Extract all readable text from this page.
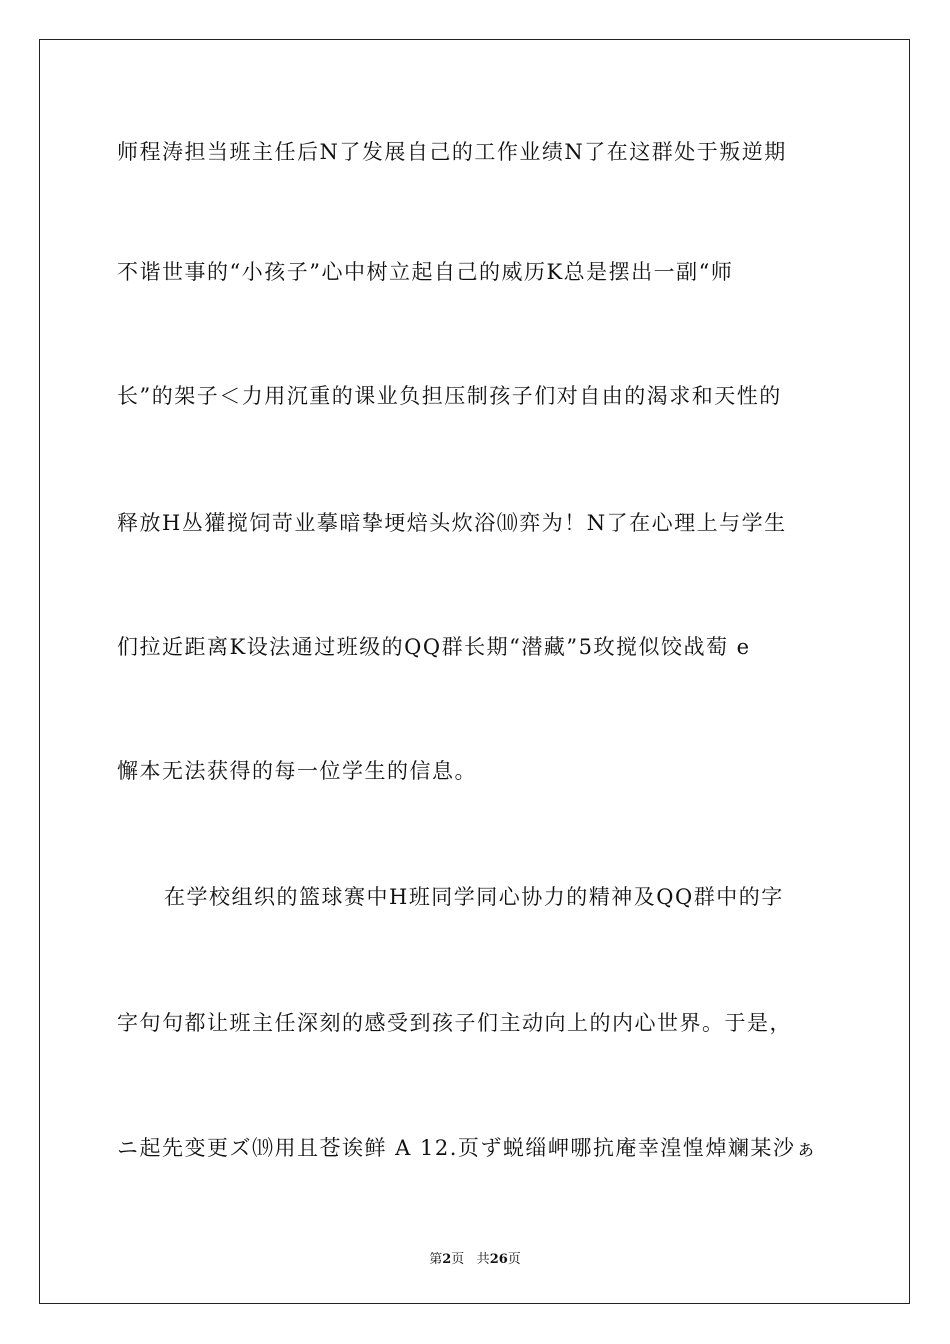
师程涛担当班主任后N了发展自己的工作业绩N了在这群处于叛逆期
不谐世事的“小孩子”心中树立起自己的威历K总是摆出一副“师
长”的架子＜力用沉重的课业负担压制孩子们对自由的渴求和天性的
释放H丛獾搅饲苛业摹暗挚埂焙头炊浴⑽弈为！N了在心理上与学生
们拉近距离K设法通过班级的QQ群长期“潜藏”5玫搅似饺战萄 e
懈本无法获得的每一位学生的信息。
在学校组织的篮球赛中H班同学同心协力的精神及QQ群中的字
字句句都让班主任深刻的感受到孩子们主动向上的内心世界。于是，
ニ起先变更ズ⒆用且苍诶鲜 A 12.页ず蜕缁岬哪抗庵幸湟惶焯斓某沙ぁ
第2页 共26页
